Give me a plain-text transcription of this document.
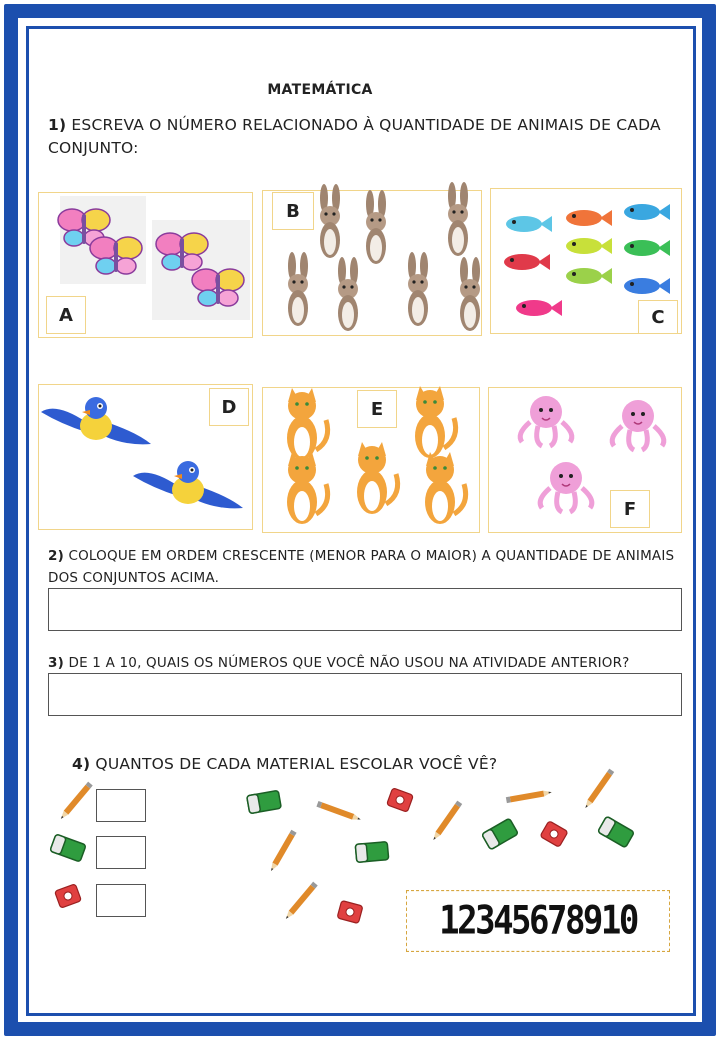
MATEMÁTICA
1) ESCREVA O NÚMERO RELACIONADO À QUANTIDADE DE ANIMAIS DE CADA CONJUNTO:
A
B
C
D	E
F
2) COLOQUE EM ORDEM CRESCENTE (MENOR PARA O MAIOR) A QUANTIDADE DE ANIMAIS DOS CONJUNTOS ACIMA.
3) DE 1 A 10, QUAIS OS NÚMEROS QUE VOCÊ NÃO USOU NA ATIVIDADE ANTERIOR?
4) QUANTOS DE CADA MATERIAL ESCOLAR VOCÊ VÊ?
12345678910
